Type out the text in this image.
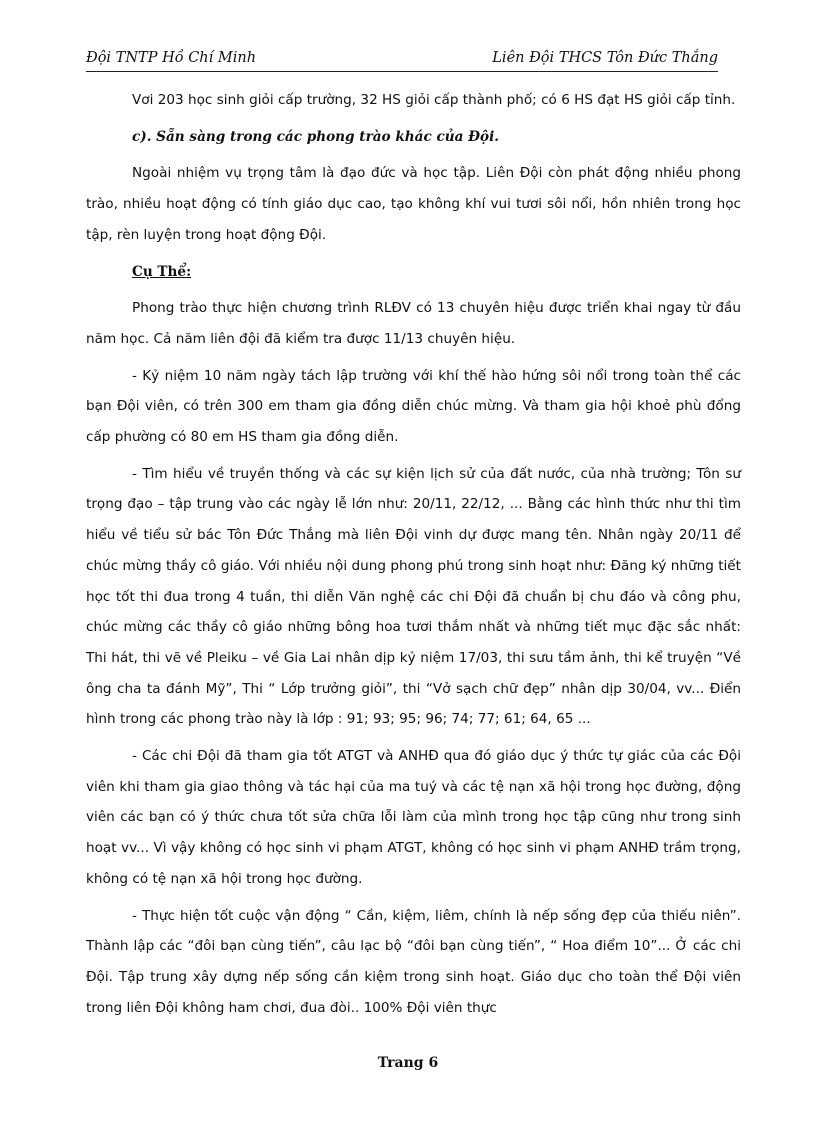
Đội TNTP Hồ Chí Minh	Liên Đội THCS Tôn Đức Thắng

Vơi 203 học sinh giỏi cấp trường, 32 HS giỏi cấp thành phố; có 6 HS đạt HS giỏi cấp tỉnh.

c). Sẵn sàng trong các phong trào khác của Đội.

Ngoài nhiệm vụ trọng tâm là đạo đức và học tập. Liên Đội còn phát động nhiều phong trào, nhiều hoạt động có tính giáo dục cao, tạo không khí vui tươi sôi nổi, hồn nhiên trong học tập, rèn luyện trong hoạt động Đội.

Cụ Thể:

Phong trào thực hiện chương trình RLĐV có 13 chuyên hiệu được triển khai ngay từ đầu năm học. Cả năm liên đội đã kiểm tra được 11/13 chuyên hiệu.

- Kỷ niệm 10 năm ngày tách lập trường với khí thế hào hứng sôi nổi trong toàn thể các bạn Đội viên, có trên 300 em tham gia đồng diễn chúc mừng. Và tham gia hội khoẻ phù đổng cấp phường có 80 em HS tham gia đồng diễn.

- Tìm hiểu về truyền thống và các sự kiện lịch sử của đất nước, của nhà trường; Tôn sư trọng đạo – tập trung vào các ngày lễ lớn như: 20/11, 22/12, ... Bằng các hình thức như thi tìm hiểu về tiểu sử bác Tôn Đức Thắng mà liên Đội vinh dự được mang tên. Nhân ngày 20/11 để chúc mừng thầy cô giáo. Với nhiều nội dung phong phú trong sinh hoạt như: Đăng ký những tiết học tốt thi đua trong 4 tuần, thi diễn Văn nghệ các chi Đội đã chuẩn bị chu đáo và công phu, chúc mừng các thầy cô giáo những bông hoa tươi thắm nhất và những tiết mục đặc sắc nhất: Thi hát, thi vẽ về Pleiku – về Gia Lai nhân dịp kỷ niệm 17/03, thi sưu tầm ảnh, thi kể truyện “Về ông cha ta đánh Mỹ”, Thi “ Lớp trưởng giỏi”, thi “Vở sạch chữ đẹp” nhân dịp 30/04, vv... Điển hình trong các phong trào này là lớp : 91; 93; 95; 96; 74; 77; 61; 64, 65 ...

- Các chi Đội đã tham gia tốt ATGT và ANHĐ qua đó giáo dục ý thức tự giác của các Đội viên khi tham gia giao thông và tác hại của ma tuý và các tệ nạn xã hội trong học đường, động viên các bạn có ý thức chưa tốt sửa chữa lỗi làm của mình trong học tập cũng như trong sinh hoạt vv... Vì vậy không có học sinh vi phạm ATGT, không có học sinh vi phạm ANHĐ trầm trọng, không có tệ nạn xã hội trong học đường.

- Thực hiện tốt cuộc vận động “ Cần, kiệm, liêm, chính là nếp sống đẹp của thiếu niên”. Thành lập các “đôi bạn cùng tiến”, câu lạc bộ “đôi bạn cùng tiến”, “ Hoa điểm 10”... Ở các chi Đội. Tập trung xây dựng nếp sống cần kiệm trong sinh hoạt. Giáo dục cho toàn thể Đội viên trong liên Đội không ham chơi, đua đòi.. 100% Đội viên thực

Trang 6
